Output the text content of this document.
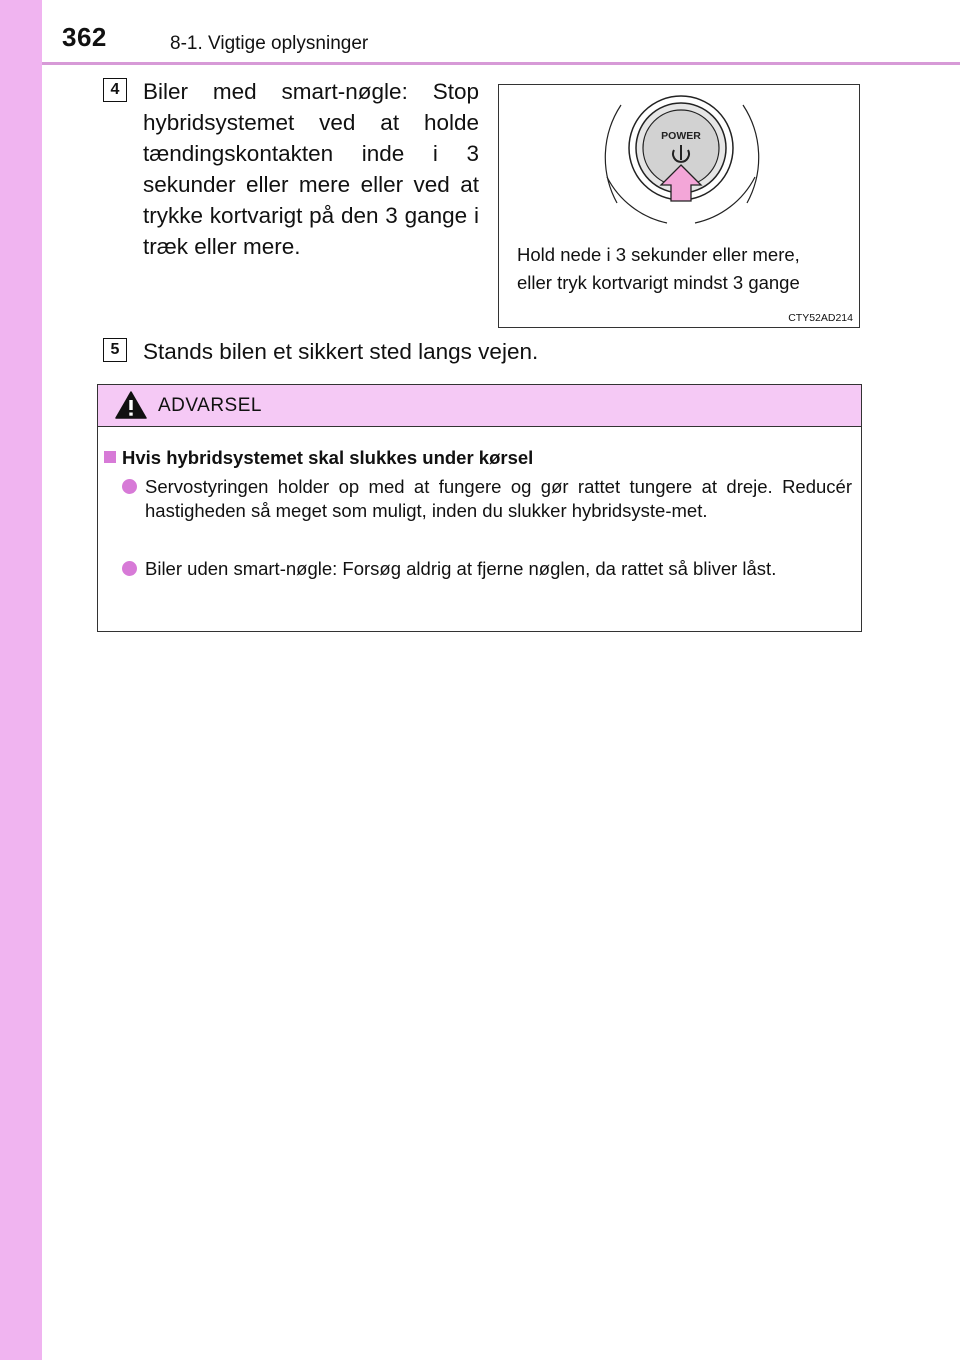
362	8-1. Vigtige oplysninger
4	Biler med smart-nøgle: Stop hybridsystemet ved at holde tændingskontakten inde i 3 sekunder eller mere eller ved at trykke kortvarigt på den 3 gange i træk eller mere.
POWER
Hold nede i 3 sekunder eller mere,
eller tryk kortvarigt mindst 3 gange
CTY52AD214
5	Stands bilen et sikkert sted langs vejen.
ADVARSEL
Hvis hybridsystemet skal slukkes under kørsel
Servostyringen holder op med at fungere og gør rattet tungere at dreje. Reducér hastigheden så meget som muligt, inden du slukker hybridsyste-met.
Biler uden smart-nøgle: Forsøg aldrig at fjerne nøglen, da rattet så bliver låst.
